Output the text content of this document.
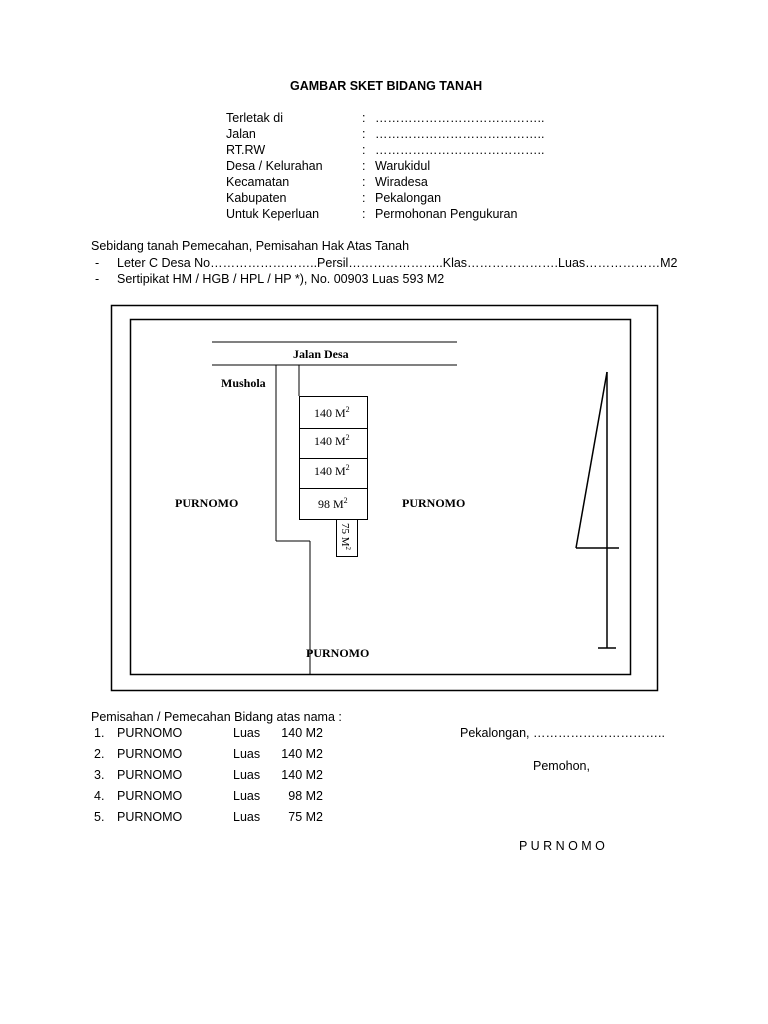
GAMBAR SKET BIDANG TANAH
Terletak di	: …………………………………..
Jalan	: …………………………………..
RT.RW	: …………………………………..
Desa / Kelurahan	: Warukidul
Kecamatan	: Wiradesa
Kabupaten	: Pekalongan
Untuk Keperluan	: Permohonan Pengukuran
Sebidang tanah Pemecahan, Pemisahan Hak Atas Tanah
- Leter C Desa No……………………..Persil…………………..Klas………………….Luas………………M2
- Sertipikat HM / HGB / HPL / HP *), No. 00903 Luas 593 M2
Jalan Desa
Mushola
140 $M^2$
140 $M^2$
140 $M^2$
98 $M^2$
75 $M^2$
PURNOMO	PURNOMO
PURNOMO
Pemisahan / Pemecahan Bidang atas nama :
1. PURNOMO	Luas	140 M2
2. PURNOMO	Luas	140 M2
3. PURNOMO	Luas	140 M2
4. PURNOMO	Luas	98 M2
5. PURNOMO	Luas	75 M2
Pekalongan, …………………………..
Pemohon,
P U R N O M O
